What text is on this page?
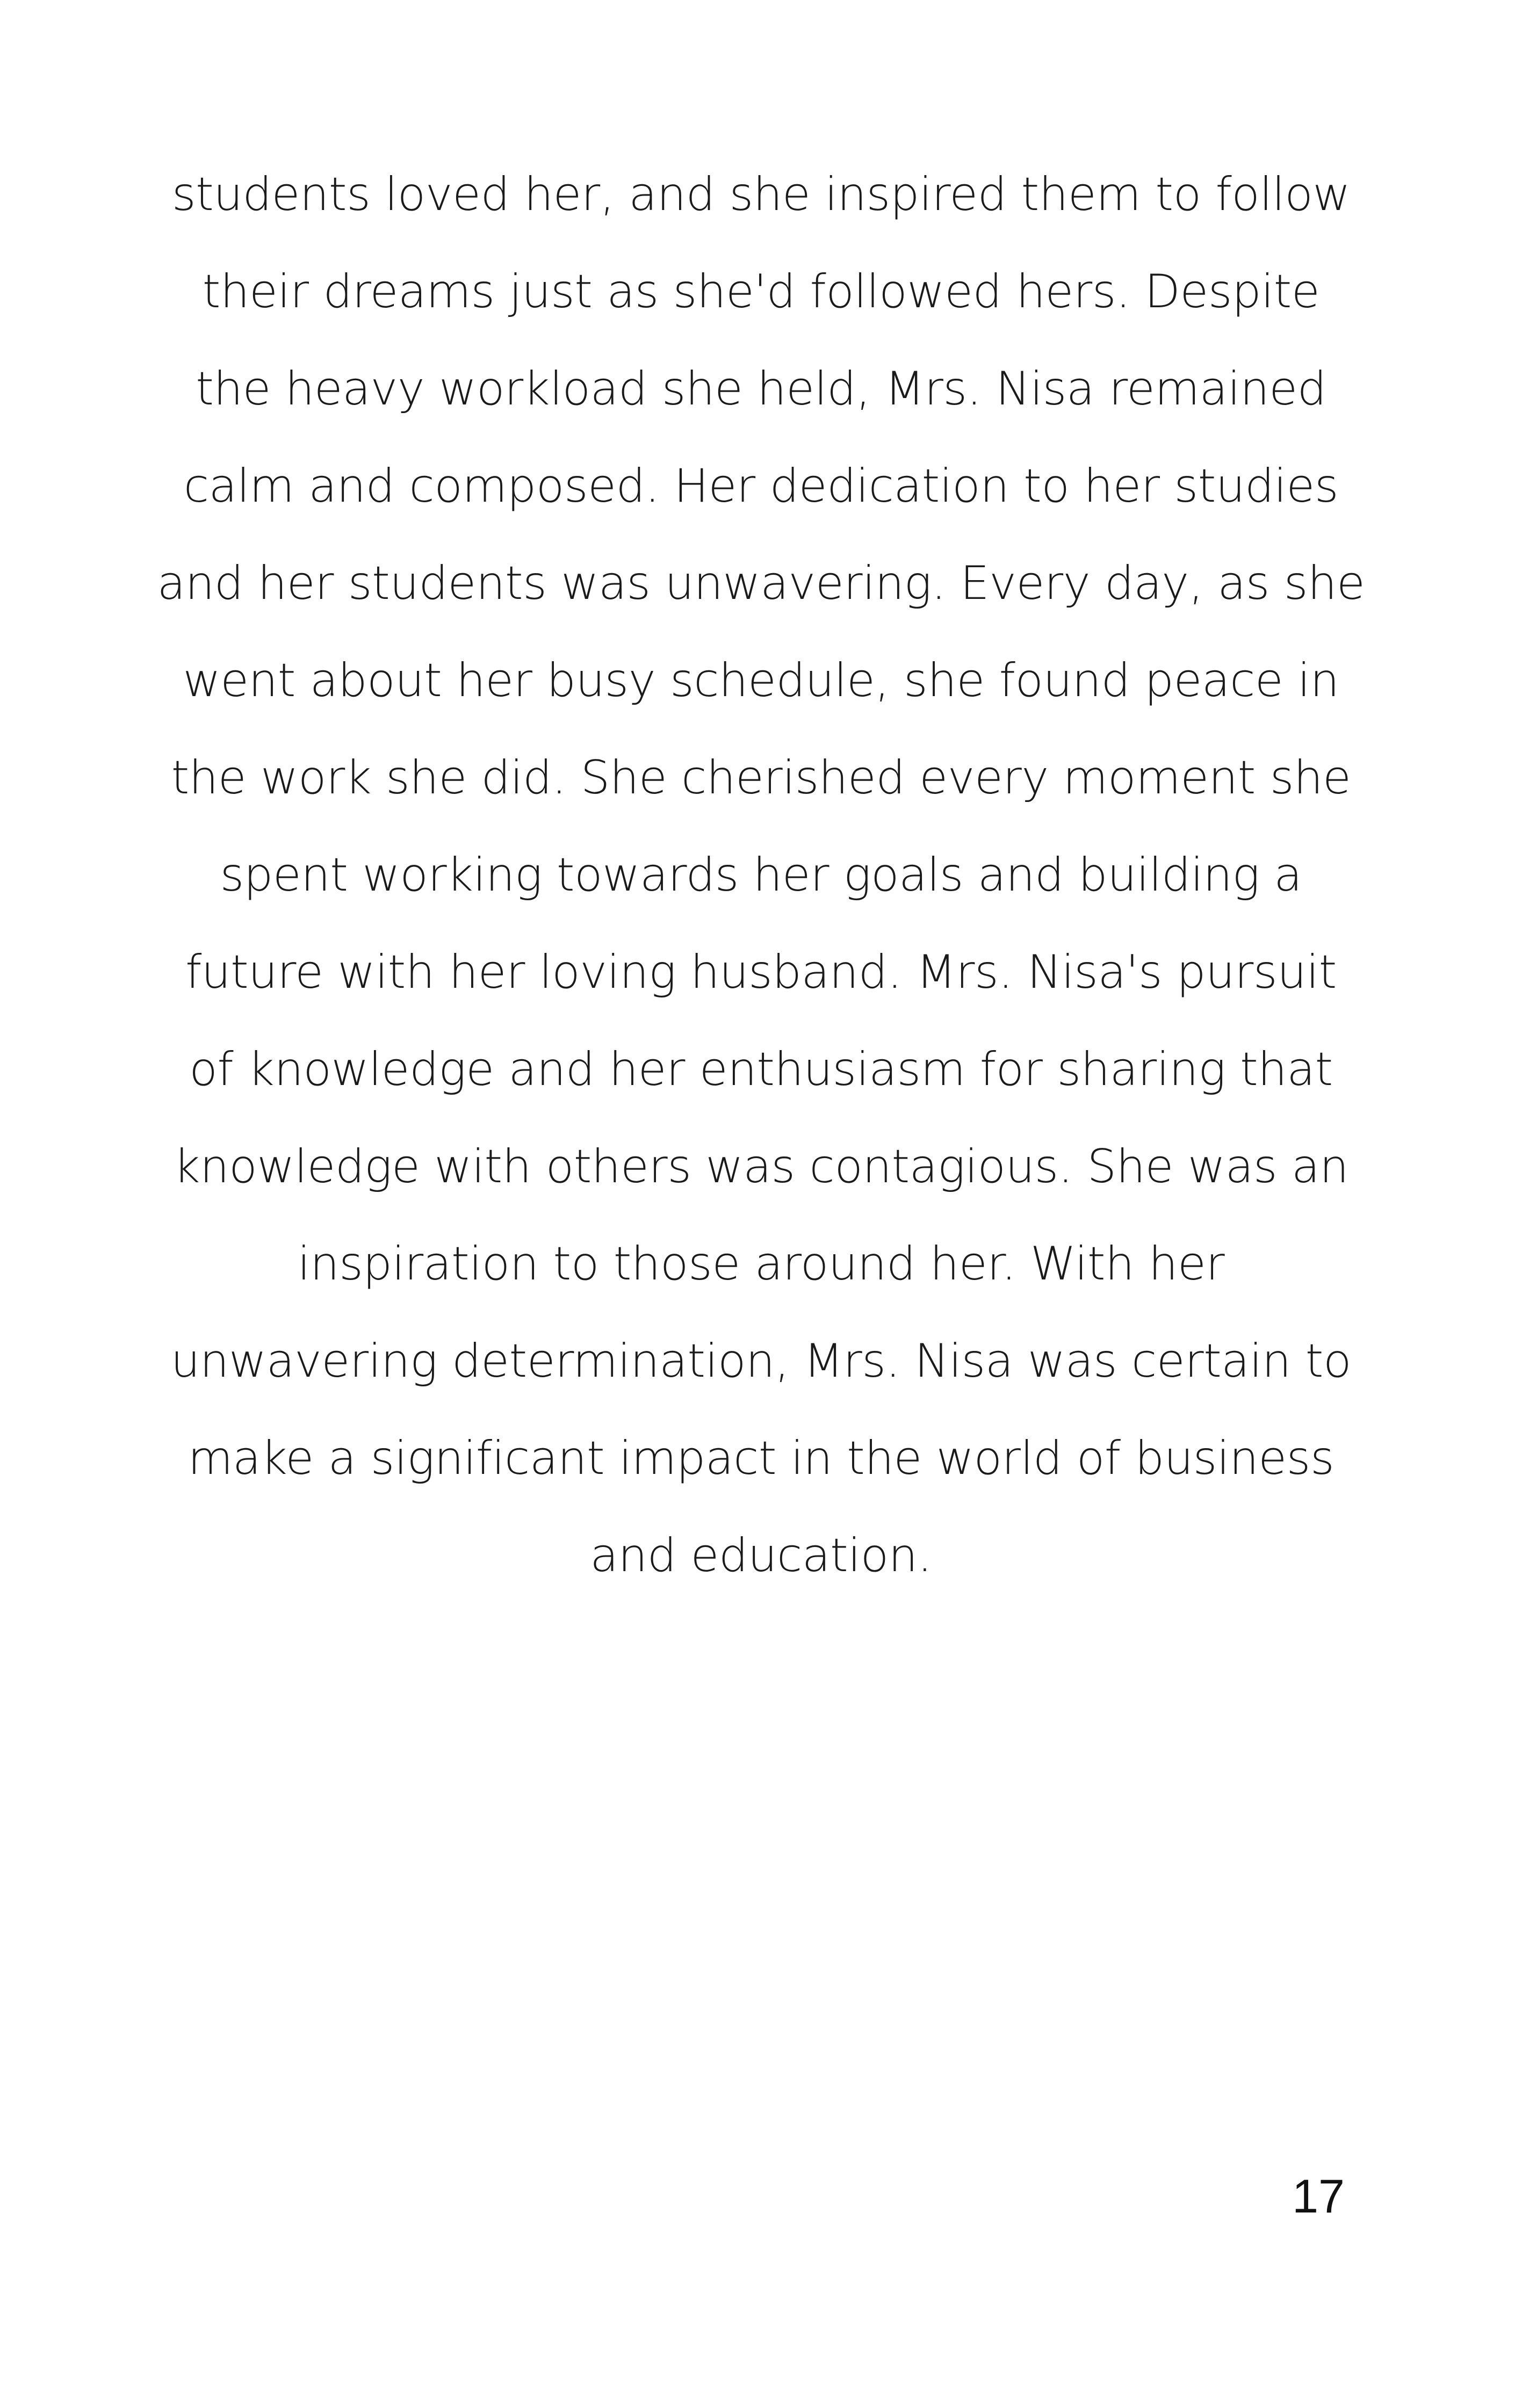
students loved her, and she inspired them to follow
their dreams just as she'd followed hers. Despite
the heavy workload she held, Mrs. Nisa remained
calm and composed. Her dedication to her studies
and her students was unwavering. Every day, as she
went about her busy schedule, she found peace in
the work she did. She cherished every moment she
spent working towards her goals and building a
future with her loving husband. Mrs. Nisa's pursuit
of knowledge and her enthusiasm for sharing that
knowledge with others was contagious. She was an
inspiration to those around her. With her
unwavering determination, Mrs. Nisa was certain to
make a significant impact in the world of business
and education.
17
